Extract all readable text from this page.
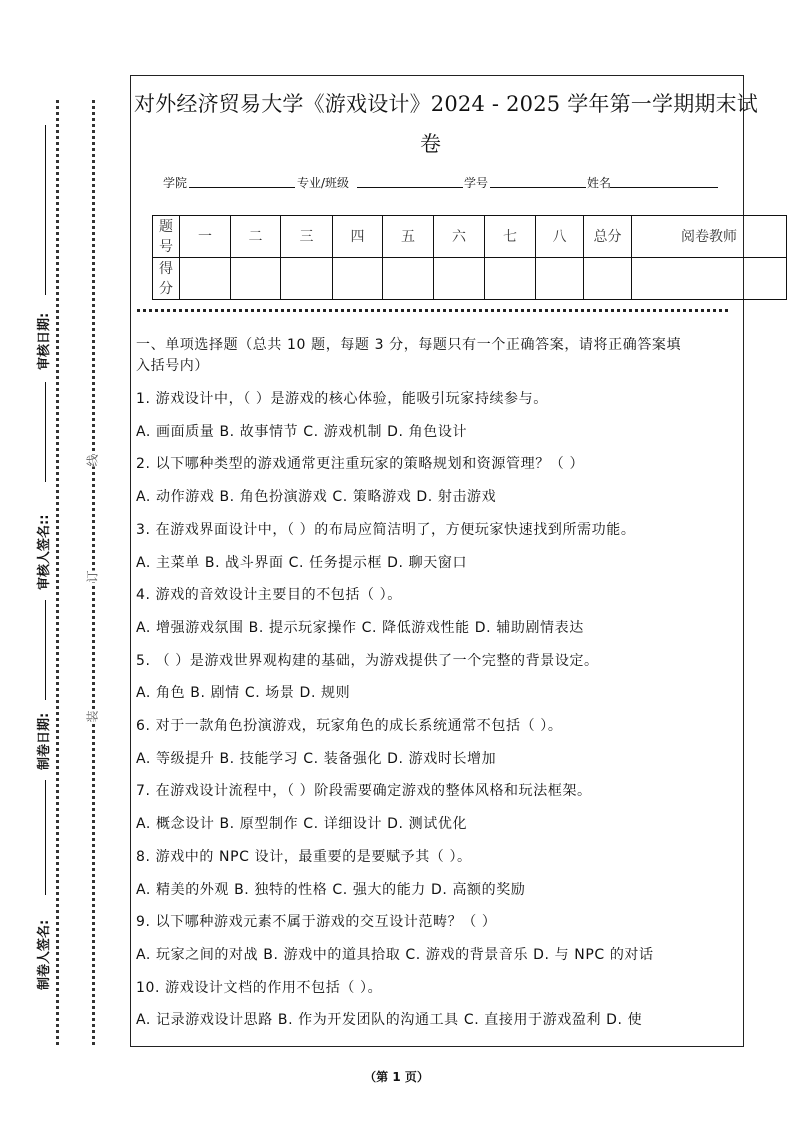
审核日期:
审核人签名::
制卷日期:
制卷人签名:
线
订
装
对外经济贸易大学《游戏设计》2024 - 2025 学年第一学期期末试
卷
学院	专业/班级	学号	姓名
题号	一	二	三	四	五	六	七	八	总分	阅卷教师
得分										
一、单项选择题（总共 10 题，每题 3 分，每题只有一个正确答案，请将正确答案填
入括号内）
1. 游戏设计中，（ ）是游戏的核心体验，能吸引玩家持续参与。
A. 画面质量 B. 故事情节 C. 游戏机制 D. 角色设计
2. 以下哪种类型的游戏通常更注重玩家的策略规划和资源管理？（ ）
A. 动作游戏 B. 角色扮演游戏 C. 策略游戏 D. 射击游戏
3. 在游戏界面设计中，（ ）的布局应简洁明了，方便玩家快速找到所需功能。
A. 主菜单 B. 战斗界面 C. 任务提示框 D. 聊天窗口
4. 游戏的音效设计主要目的不包括（ ）。
A. 增强游戏氛围 B. 提示玩家操作 C. 降低游戏性能 D. 辅助剧情表达
5. （ ）是游戏世界观构建的基础，为游戏提供了一个完整的背景设定。
A. 角色 B. 剧情 C. 场景 D. 规则
6. 对于一款角色扮演游戏，玩家角色的成长系统通常不包括（ ）。
A. 等级提升 B. 技能学习 C. 装备强化 D. 游戏时长增加
7. 在游戏设计流程中，（ ）阶段需要确定游戏的整体风格和玩法框架。
A. 概念设计 B. 原型制作 C. 详细设计 D. 测试优化
8. 游戏中的 NPC 设计，最重要的是要赋予其（ ）。
A. 精美的外观 B. 独特的性格 C. 强大的能力 D. 高额的奖励
9. 以下哪种游戏元素不属于游戏的交互设计范畴？（ ）
A. 玩家之间的对战 B. 游戏中的道具拾取 C. 游戏的背景音乐 D. 与 NPC 的对话
10. 游戏设计文档的作用不包括（ ）。
A. 记录游戏设计思路 B. 作为开发团队的沟通工具 C. 直接用于游戏盈利 D. 使
（第 1 页）
